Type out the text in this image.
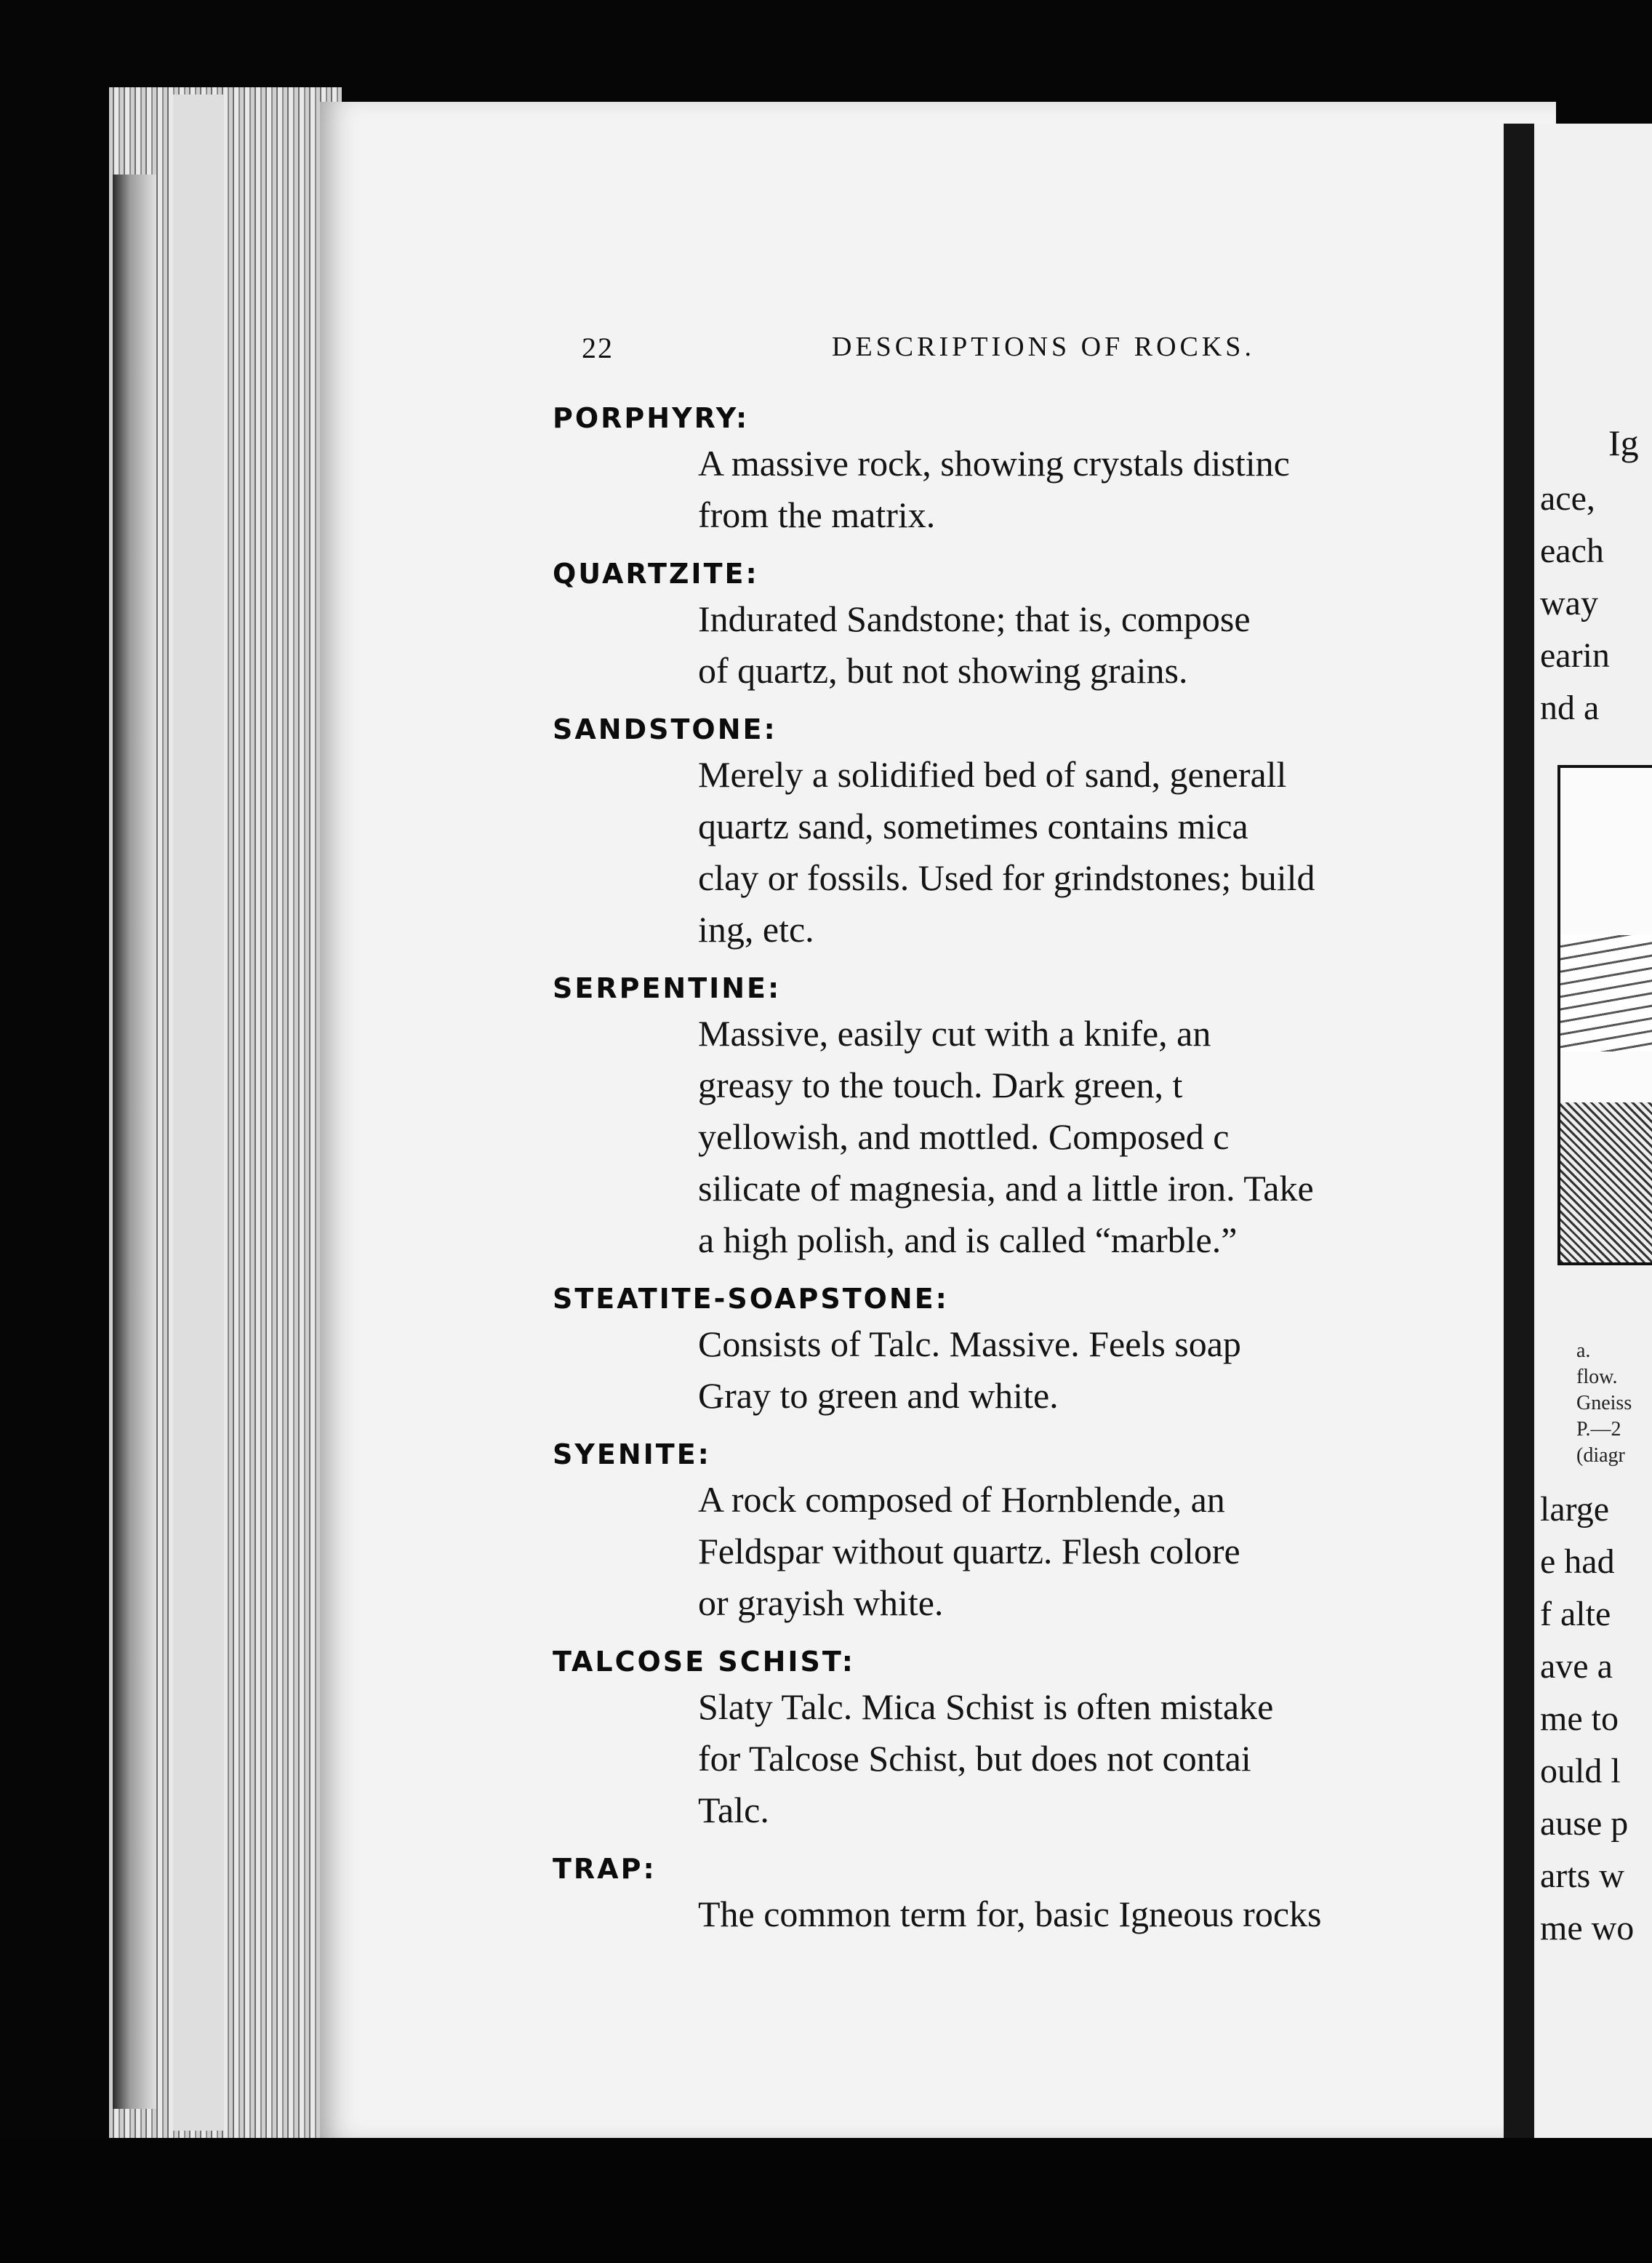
22	DESCRIPTIONS OF ROCKS.
PORPHYRY:
A massive rock, showing crystals distinc
from the matrix.
QUARTZITE:
Indurated Sandstone; that is, compose
of quartz, but not showing grains.
SANDSTONE:
Merely a solidified bed of sand, generall
quartz sand, sometimes contains mica
clay or fossils. Used for grindstones; build
ing, etc.
SERPENTINE:
Massive, easily cut with a knife, an
greasy to the touch. Dark green, t
yellowish, and mottled. Composed c
silicate of magnesia, and a little iron. Take
a high polish, and is called “marble.”
STEATITE-SOAPSTONE:
Consists of Talc. Massive. Feels soap
Gray to green and white.
SYENITE:
A rock composed of Hornblende, an
Feldspar without quartz. Flesh colore
or grayish white.
TALCOSE SCHIST:
Slaty Talc. Mica Schist is often mistake
for Talcose Schist, but does not contai
Talc.
TRAP:
The common term for, basic Igneous rocks
Ig
ace,
each
way
earin
nd a
a.
flow.
Gneiss
P.—2
(diagr
large
e had
f alte
ave a
me to
ould l
ause p
arts w
me wo
